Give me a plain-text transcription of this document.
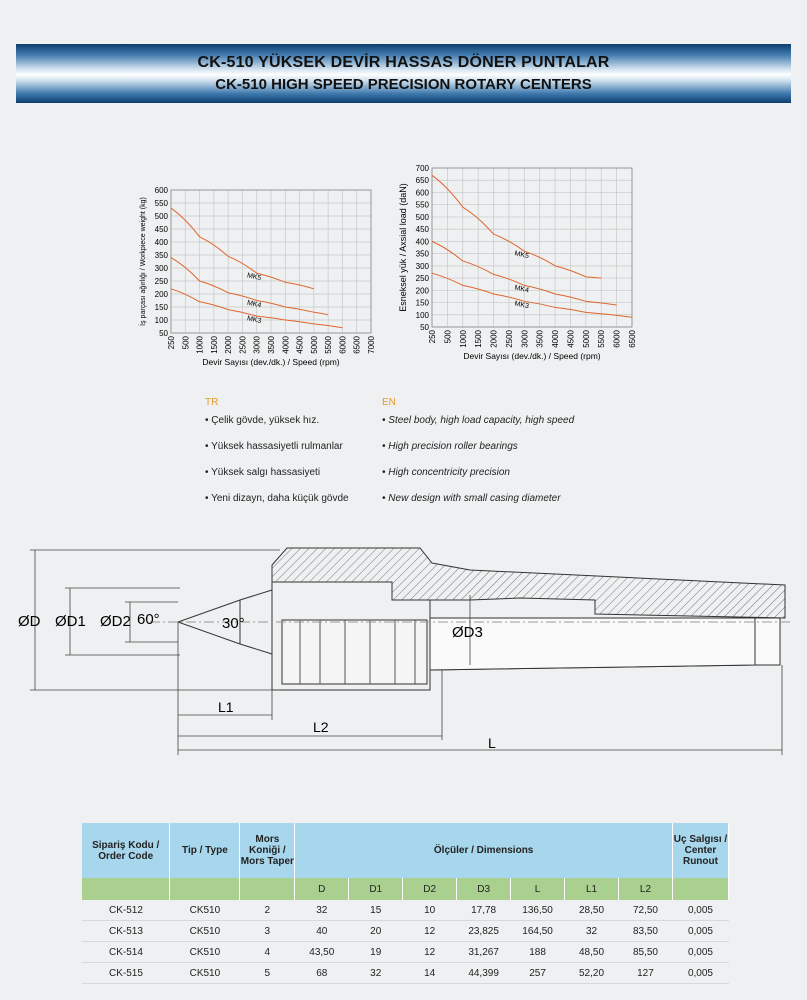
CK-510 YÜKSEK DEVİR HASSAS DÖNER PUNTALAR
CK-510 HIGH SPEED PRECISION ROTARY CENTERS
250 500 1000 1500 2000 2500 3000 3500 4000 4500 5000 5500 6000 6500 7000
600
550
500
450
400
350
300
250
200
150
100
50
Devir Sayısı (dev./dk.) / Speed (rpm)
İş parçası ağırlığı / Workpiece weight (kg)	MK5
MK4
MK3
250 500 1000 1500 2000 2500 3000 3500 4000 4500 5000 5500 6000 6500
700
650
600
550
500
450
400
350
300
250
200
150
100
50
Devir Sayısı (dev./dk.) / Speed (rpm)
Esneksel yük / Axsial load (daN)	MK5
MK4
MK3
TR
• Çelik gövde, yüksek hız.
• Yüksek hassasiyetli rulmanlar
• Yüksek salgı hassasiyeti
• Yeni dizayn, daha küçük gövde
EN
• Steel body, high load capacity, high speed
• High precision roller bearings
• High concentricity precision
• New design with small casing diameter
ØD ØD1 ØD2 60°	30°
ØD3
L1
L2
L
Sipariş Kodu / Order Code	Tip / Type	Mors Koniği / Mors Taper	Ölçüler / Dimensions							Uç Salgısı / Center Runout
			D	D1	D2	D3	L	L1	L2	
CK-512	CK510	2	32	15	10	17,78	136,50	28,50	72,50	0,005
CK-513	CK510	3	40	20	12	23,825	164,50	32	83,50	0,005
CK-514	CK510	4	43,50	19	12	31,267	188	48,50	85,50	0,005
CK-515	CK510	5	68	32	14	44,399	257	52,20	127	0,005
